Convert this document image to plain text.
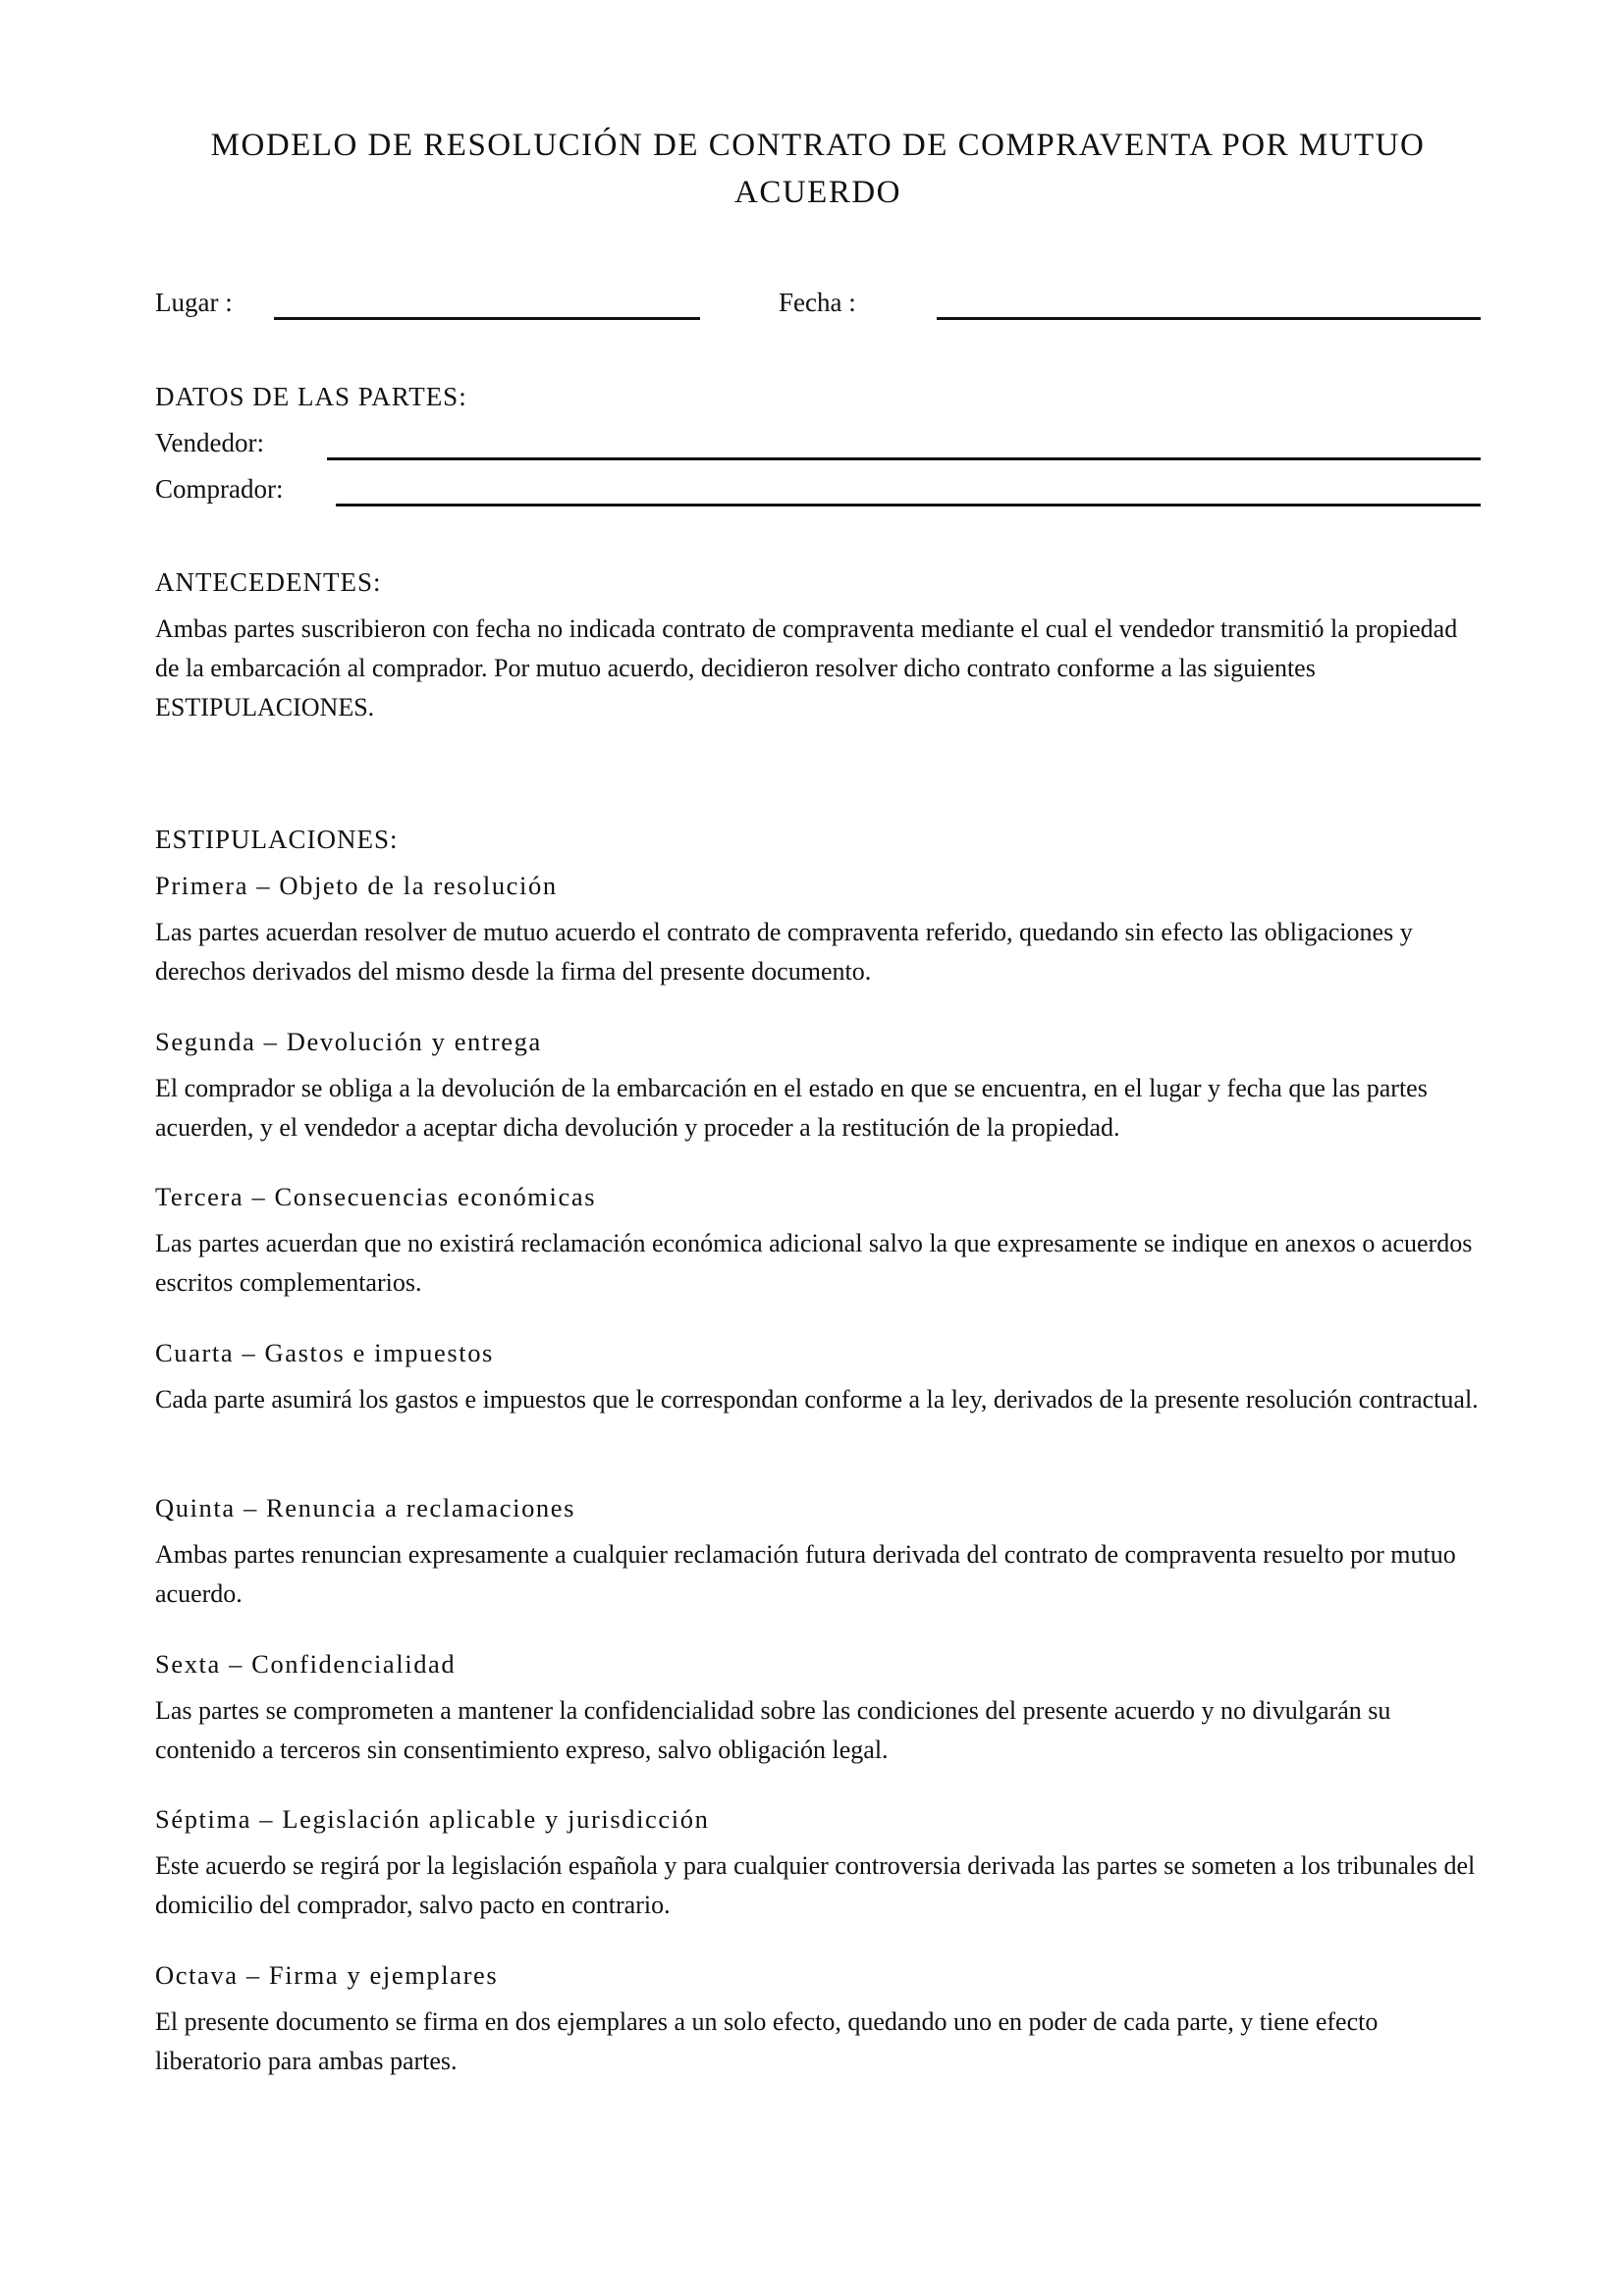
MODELO DE RESOLUCIÓN DE CONTRATO DE COMPRAVENTA POR MUTUO ACUERDO
Lugar :	Fecha :
DATOS DE LAS PARTES:
Vendedor:
Comprador:
ANTECEDENTES:
Ambas partes suscribieron con fecha no indicada contrato de compraventa mediante el cual el vendedor transmitió la propiedad de la embarcación al comprador. Por mutuo acuerdo, decidieron resolver dicho contrato conforme a las siguientes ESTIPULACIONES.
ESTIPULACIONES:
Primera – Objeto de la resolución
Las partes acuerdan resolver de mutuo acuerdo el contrato de compraventa referido, quedando sin efecto las obligaciones y derechos derivados del mismo desde la firma del presente documento.
Segunda – Devolución y entrega
El comprador se obliga a la devolución de la embarcación en el estado en que se encuentra, en el lugar y fecha que las partes acuerden, y el vendedor a aceptar dicha devolución y proceder a la restitución de la propiedad.
Tercera – Consecuencias económicas
Las partes acuerdan que no existirá reclamación económica adicional salvo la que expresamente se indique en anexos o acuerdos escritos complementarios.
Cuarta – Gastos e impuestos
Cada parte asumirá los gastos e impuestos que le correspondan conforme a la ley, derivados de la presente resolución contractual.
Quinta – Renuncia a reclamaciones
Ambas partes renuncian expresamente a cualquier reclamación futura derivada del contrato de compraventa resuelto por mutuo acuerdo.
Sexta – Confidencialidad
Las partes se comprometen a mantener la confidencialidad sobre las condiciones del presente acuerdo y no divulgarán su contenido a terceros sin consentimiento expreso, salvo obligación legal.
Séptima – Legislación aplicable y jurisdicción
Este acuerdo se regirá por la legislación española y para cualquier controversia derivada las partes se someten a los tribunales del domicilio del comprador, salvo pacto en contrario.
Octava – Firma y ejemplares
El presente documento se firma en dos ejemplares a un solo efecto, quedando uno en poder de cada parte, y tiene efecto liberatorio para ambas partes.
